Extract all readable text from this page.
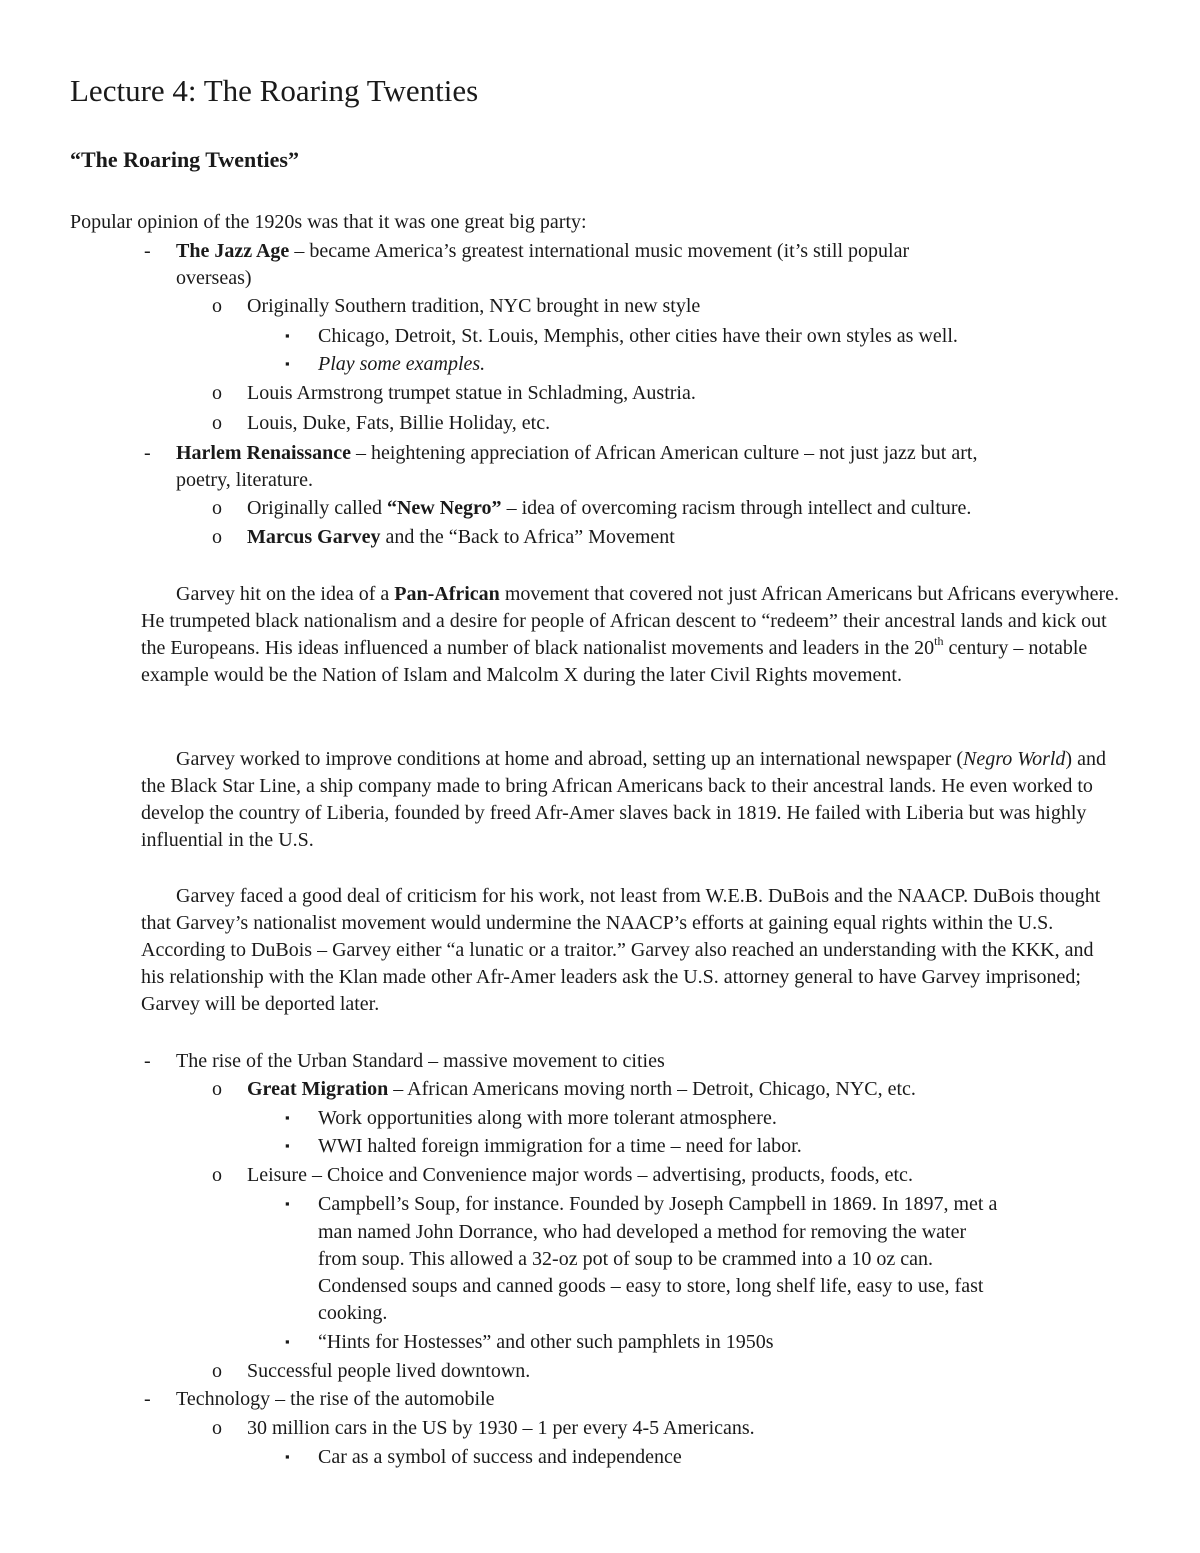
Lecture 4: The Roaring Twenties
“The Roaring Twenties”
Popular opinion of the 1920s was that it was one great big party:
- The Jazz Age – became America’s greatest international music movement (it’s still popular
overseas)
o Originally Southern tradition, NYC brought in new style
▪ Chicago, Detroit, St. Louis, Memphis, other cities have their own styles as well.
▪ Play some examples.
o Louis Armstrong trumpet statue in Schladming, Austria.
o Louis, Duke, Fats, Billie Holiday, etc.
- Harlem Renaissance – heightening appreciation of African American culture – not just jazz but art,
poetry, literature.
o Originally called “New Negro” – idea of overcoming racism through intellect and culture.
o Marcus Garvey and the “Back to Africa” Movement
Garvey hit on the idea of a Pan-African movement that covered not just African Americans but Africans everywhere. He trumpeted black nationalism and a desire for people of African descent to “redeem” their ancestral lands and kick out the Europeans. His ideas influenced a number of black nationalist movements and leaders in the 20th century – notable example would be the Nation of Islam and Malcolm X during the later Civil Rights movement.
Garvey worked to improve conditions at home and abroad, setting up an international newspaper (Negro World) and the Black Star Line, a ship company made to bring African Americans back to their ancestral lands. He even worked to develop the country of Liberia, founded by freed Afr-Amer slaves back in 1819. He failed with Liberia but was highly influential in the U.S.
Garvey faced a good deal of criticism for his work, not least from W.E.B. DuBois and the NAACP. DuBois thought that Garvey’s nationalist movement would undermine the NAACP’s efforts at gaining equal rights within the U.S. According to DuBois – Garvey either “a lunatic or a traitor.” Garvey also reached an understanding with the KKK, and his relationship with the Klan made other Afr-Amer leaders ask the U.S. attorney general to have Garvey imprisoned; Garvey will be deported later.
- The rise of the Urban Standard – massive movement to cities
o Great Migration – African Americans moving north – Detroit, Chicago, NYC, etc.
▪ Work opportunities along with more tolerant atmosphere.
▪ WWI halted foreign immigration for a time – need for labor.
o Leisure – Choice and Convenience major words – advertising, products, foods, etc.
▪ Campbell’s Soup, for instance. Founded by Joseph Campbell in 1869. In 1897, met a
man named John Dorrance, who had developed a method for removing the water
from soup. This allowed a 32-oz pot of soup to be crammed into a 10 oz can.
Condensed soups and canned goods – easy to store, long shelf life, easy to use, fast
cooking.
▪ “Hints for Hostesses” and other such pamphlets in 1950s
o Successful people lived downtown.
- Technology – the rise of the automobile
o 30 million cars in the US by 1930 – 1 per every 4-5 Americans.
▪ Car as a symbol of success and independence
